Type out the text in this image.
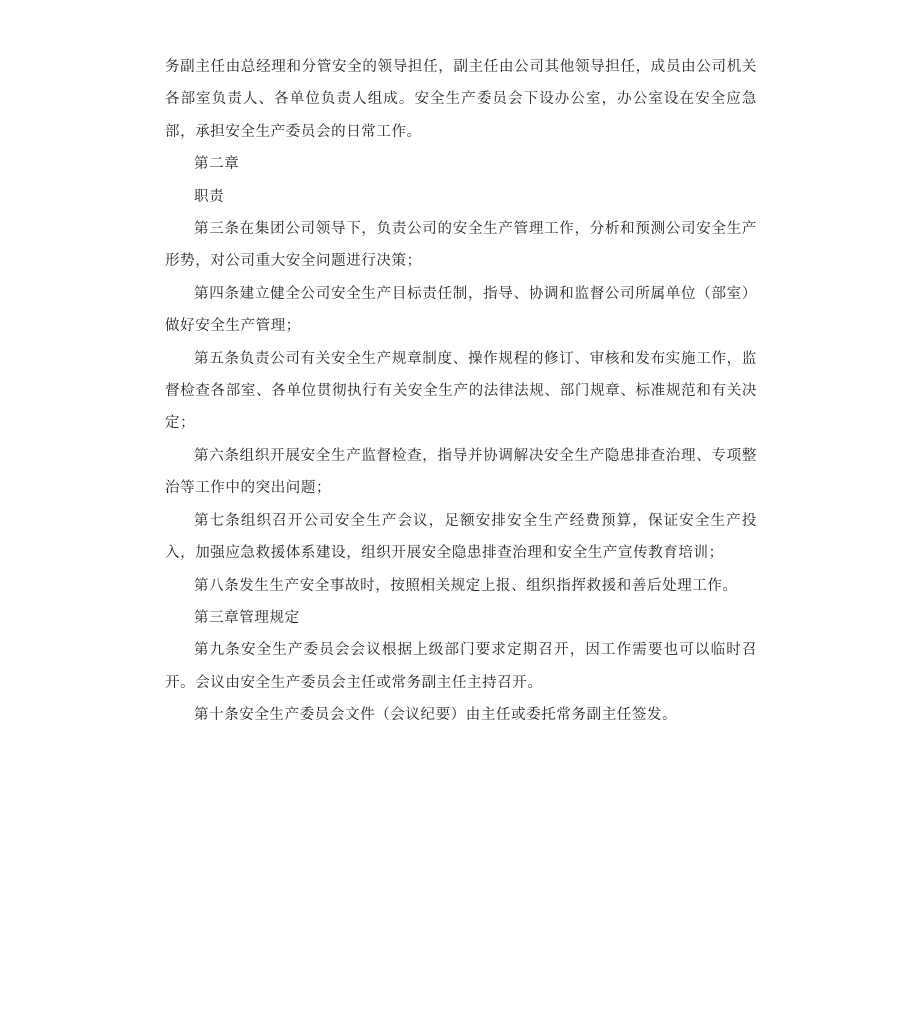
务副主任由总经理和分管安全的领导担任，副主任由公司其他领导担任，成员由公司机关各部室负责人、各单位负责人组成。安全生产委员会下设办公室，办公室设在安全应急部，承担安全生产委员会的日常工作。

第二章

职责

第三条在集团公司领导下，负责公司的安全生产管理工作，分析和预测公司安全生产形势，对公司重大安全问题进行决策；

第四条建立健全公司安全生产目标责任制，指导、协调和监督公司所属单位（部室）做好安全生产管理；

第五条负责公司有关安全生产规章制度、操作规程的修订、审核和发布实施工作，监督检查各部室、各单位贯彻执行有关安全生产的法律法规、部门规章、标准规范和有关决定；

第六条组织开展安全生产监督检查，指导并协调解决安全生产隐患排查治理、专项整治等工作中的突出问题；

第七条组织召开公司安全生产会议，足额安排安全生产经费预算，保证安全生产投入，加强应急救援体系建设，组织开展安全隐患排查治理和安全生产宣传教育培训；

第八条发生生产安全事故时，按照相关规定上报、组织指挥救援和善后处理工作。

第三章管理规定

第九条安全生产委员会会议根据上级部门要求定期召开，因工作需要也可以临时召开。会议由安全生产委员会主任或常务副主任主持召开。

第十条安全生产委员会文件（会议纪要）由主任或委托常务副主任签发。
